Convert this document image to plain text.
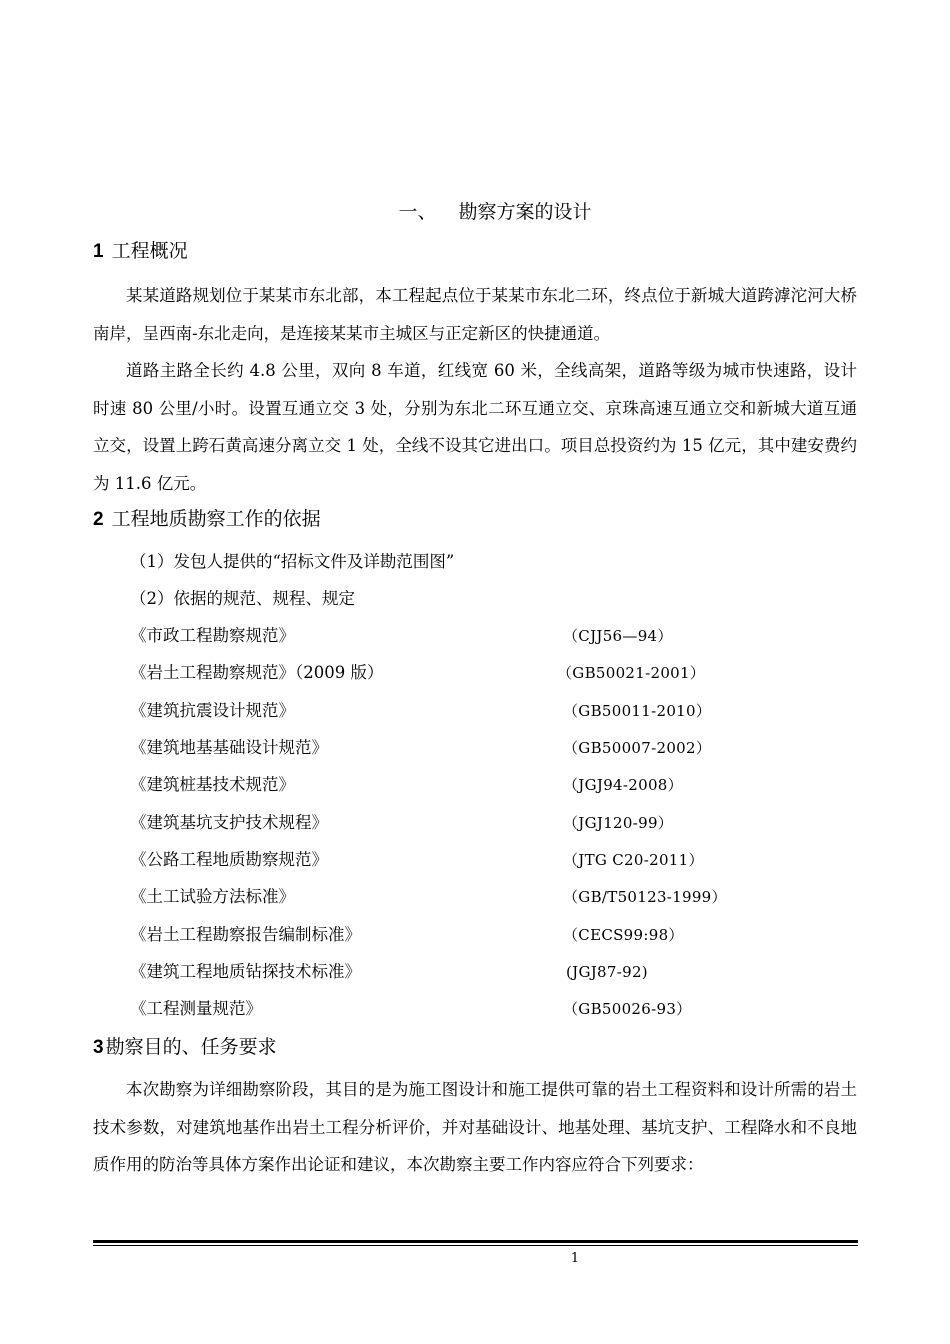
一、 勘察方案的设计
1 工程概况

某某道路规划位于某某市东北部，本工程起点位于某某市东北二环，终点位于新城大道跨滹沱河大桥南岸，呈西南-东北走向，是连接某某市主城区与正定新区的快捷通道。

道路主路全长约 4.8 公里，双向 8 车道，红线宽 60 米，全线高架，道路等级为城市快速路，设计时速 80 公里/小时。设置互通立交 3 处，分别为东北二环互通立交、京珠高速互通立交和新城大道互通立交，设置上跨石黄高速分离立交 1 处，全线不设其它进出口。项目总投资约为 15 亿元，其中建安费约为 11.6 亿元。

2 工程地质勘察工作的依据
（1）发包人提供的“招标文件及详勘范围图”
（2）依据的规范、规程、规定
《市政工程勘察规范》	（CJJ56—94）
《岩土工程勘察规范》（2009 版）	（GB50021-2001）
《建筑抗震设计规范》	（GB50011-2010）
《建筑地基基础设计规范》	（GB50007-2002）
《建筑桩基技术规范》	（JGJ94-2008）
《建筑基坑支护技术规程》	（JGJ120-99）
《公路工程地质勘察规范》	（JTG C20-2011）
《土工试验方法标准》	（GB/T50123-1999）
《岩土工程勘察报告编制标准》	（CECS99:98）
《建筑工程地质钻探技术标准》	(JGJ87-92)
《工程测量规范》	（GB50026-93）
3 勘察目的、任务要求

本次勘察为详细勘察阶段，其目的是为施工图设计和施工提供可靠的岩土工程资料和设计所需的岩土技术参数，对建筑地基作出岩土工程分析评价，并对基础设计、地基处理、基坑支护、工程降水和不良地质作用的防治等具体方案作出论证和建议，本次勘察主要工作内容应符合下列要求：

1
